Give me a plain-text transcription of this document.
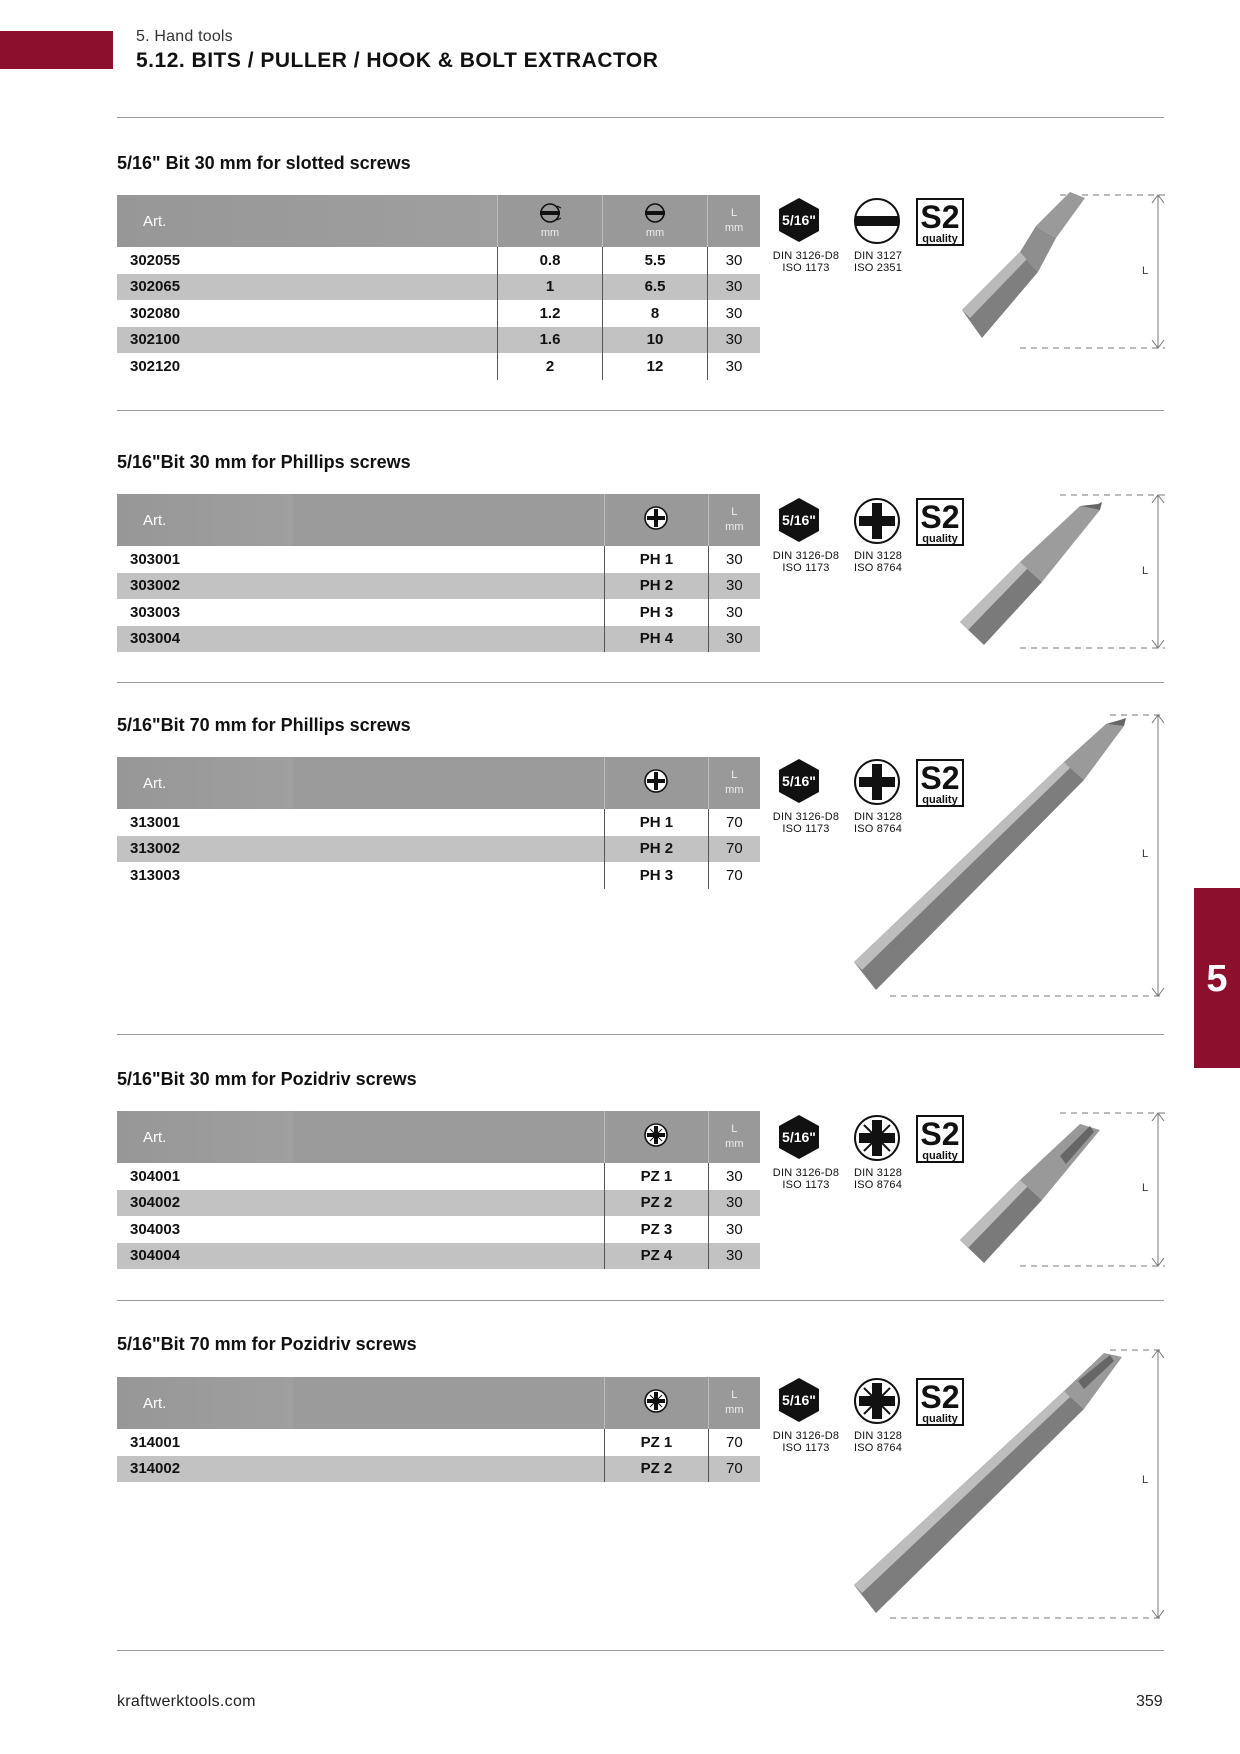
5. Hand tools
5.12. BITS / PULLER / HOOK & BOLT EXTRACTOR
5/16" Bit 30 mm for slotted screws
Art.	mm	mm	L
mm

302055	0.8	5.5	30
302065	1	6.5	30
302080	1.2	8	30
302100	1.6	10	30
302120	2	12	30
5/16"	S2
quality
DIN 3126-D8
ISO 1173
DIN 3127
ISO 2351	L
5/16"Bit 30 mm for Phillips screws
Art.			L
mm

303001		PH 1	30
303002		PH 2	30
303003		PH 3	30
303004		PH 4	30
5/16"	S2
quality
DIN 3126-D8
ISO 1173
DIN 3128
ISO 8764	L
5/16"Bit 70 mm for Phillips screws
Art.			L
mm

313001		PH 1	70
313002		PH 2	70
313003		PH 3	70
5/16"	S2
quality
DIN 3126-D8
ISO 1173
DIN 3128
ISO 8764
L
5/16"Bit 30 mm for Pozidriv screws
Art.			L
mm

304001		PZ 1	30
304002		PZ 2	30
304003		PZ 3	30
304004		PZ 4	30
5/16"	S2
quality
DIN 3126-D8
ISO 1173
DIN 3128
ISO 8764	L
5/16"Bit 70 mm for Pozidriv screws
Art.			L
mm

314001		PZ 1	70
314002		PZ 2	70
5/16"	S2
quality
DIN 3126-D8
ISO 1173
DIN 3128
ISO 8764
L
5
kraftwerktools.com	359
